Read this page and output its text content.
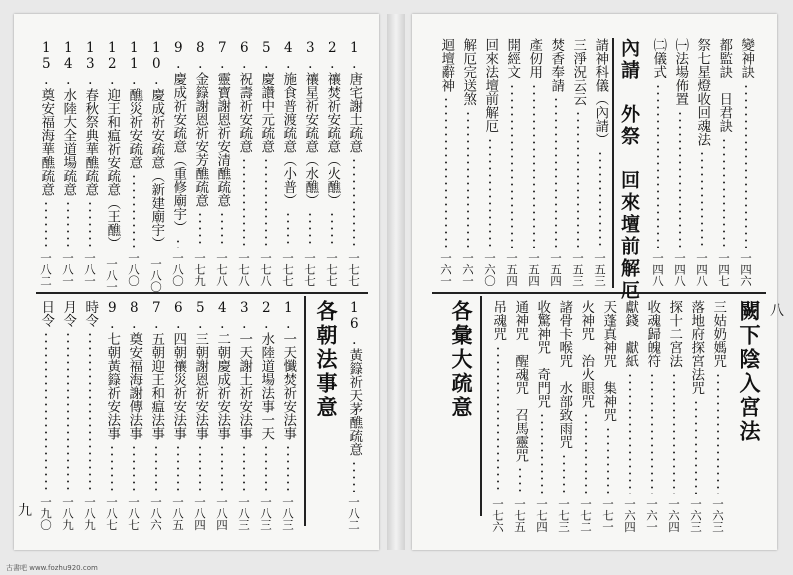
15.奠安福海華醮疏意
一八二
14.水陸大全道場疏意
一八一
13.春秋祭典華醮疏意
一八一
12.迎王和瘟祈安疏意（王醮）
一八一
11.醮災祈安疏意
一八〇
10.慶成祈安疏意（新建廟宇）
一八〇
9.慶成祈安疏意（重修廟宇）
一八〇
8.金籙謝恩祈安芳醮疏意
一七九
7.靈寶謝恩祈安清醮疏意
一七八
6.祝壽祈安疏意
一七八
5.慶讚中元疏意
一七八
4.施食普渡疏意（小普）
一七七
3.禳星祈安疏意（水醮）
一七七
2.禳焚祈安疏意（火醮）
一七七
1.唐宅謝土疏意
一七七
日令
一九〇
月令
一八九
時令
一八九
9.七朝黃籙祈安法事
一八七
8.奠安福海謝傳法事
一八七
7.五朝迎王和瘟法事
一八六
6.四朝禳災祈安法事
一八五
5.三朝謝恩祈安法事
一八四
4.二朝慶成祈安法事
一八四
3.一天謝土祈安法事
一八三
2.水陸道場法事一天
一八三
1.一天懺焚祈安法事
一八三
各朝法事意 16.黃籙祈天茅醮疏意
一八二
九
迴壇辭神
一六一
解厄完送煞
一六一
回來法壇前解厄
一六〇
開經文
一五四
產仞用
一五四
焚香奉請
一五四
三淨況云云
一五三
請神科儀（內請）
一五三 內請　外祭　回來壇前解厄 ㈡儀式
一四八
㈠法場佈置
一四八
祭七星燈收回魂法
一四八
都監訣　日君訣
一四七
變神訣
一四六
各彙大疏意 吊魂咒
一七六
通神咒　醒魂咒　召馬靈咒
一七五
收驚神咒　奇門咒
一七四
諸骨卡喉咒　水部致雨咒
一七三
火神咒　治火眼咒
一七二
天蓬真神咒　集神咒
一七一
獻錢　獻紙
一六四
收魂歸魄符
一六一
探十二宮法
一六四
落地府探宮法咒
一六三
三姑奶媽咒
一六三
闕下陰入宮法 八
古書吧 www.fozhu920.com
